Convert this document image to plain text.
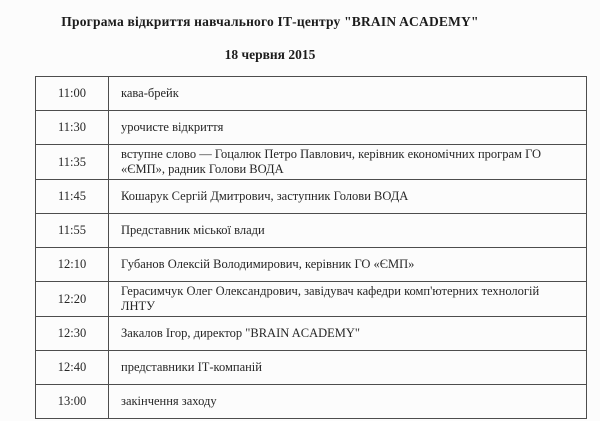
Програма відкриття навчального ІТ-центру "BRAIN ACADEMY"
18 червня 2015
11:00	кава-брейк
11:30	урочисте відкриття
11:35	вступне слово — Гоцалюк Петро Павлович, керівник економічних програм ГО «ЄМП», радник Голови ВОДА
11:45	Кошарук Сергій Дмитрович, заступник Голови ВОДА
11:55	Представник міської влади
12:10	Губанов Олексій Володимирович, керівник ГО «ЄМП»
12:20	Герасимчук Олег Олександрович, завідувач кафедри комп'ютерних технологій ЛНТУ
12:30	Закалов Ігор, директор "BRAIN ACADEMY"
12:40	представники ІТ-компаній
13:00	закінчення заходу
